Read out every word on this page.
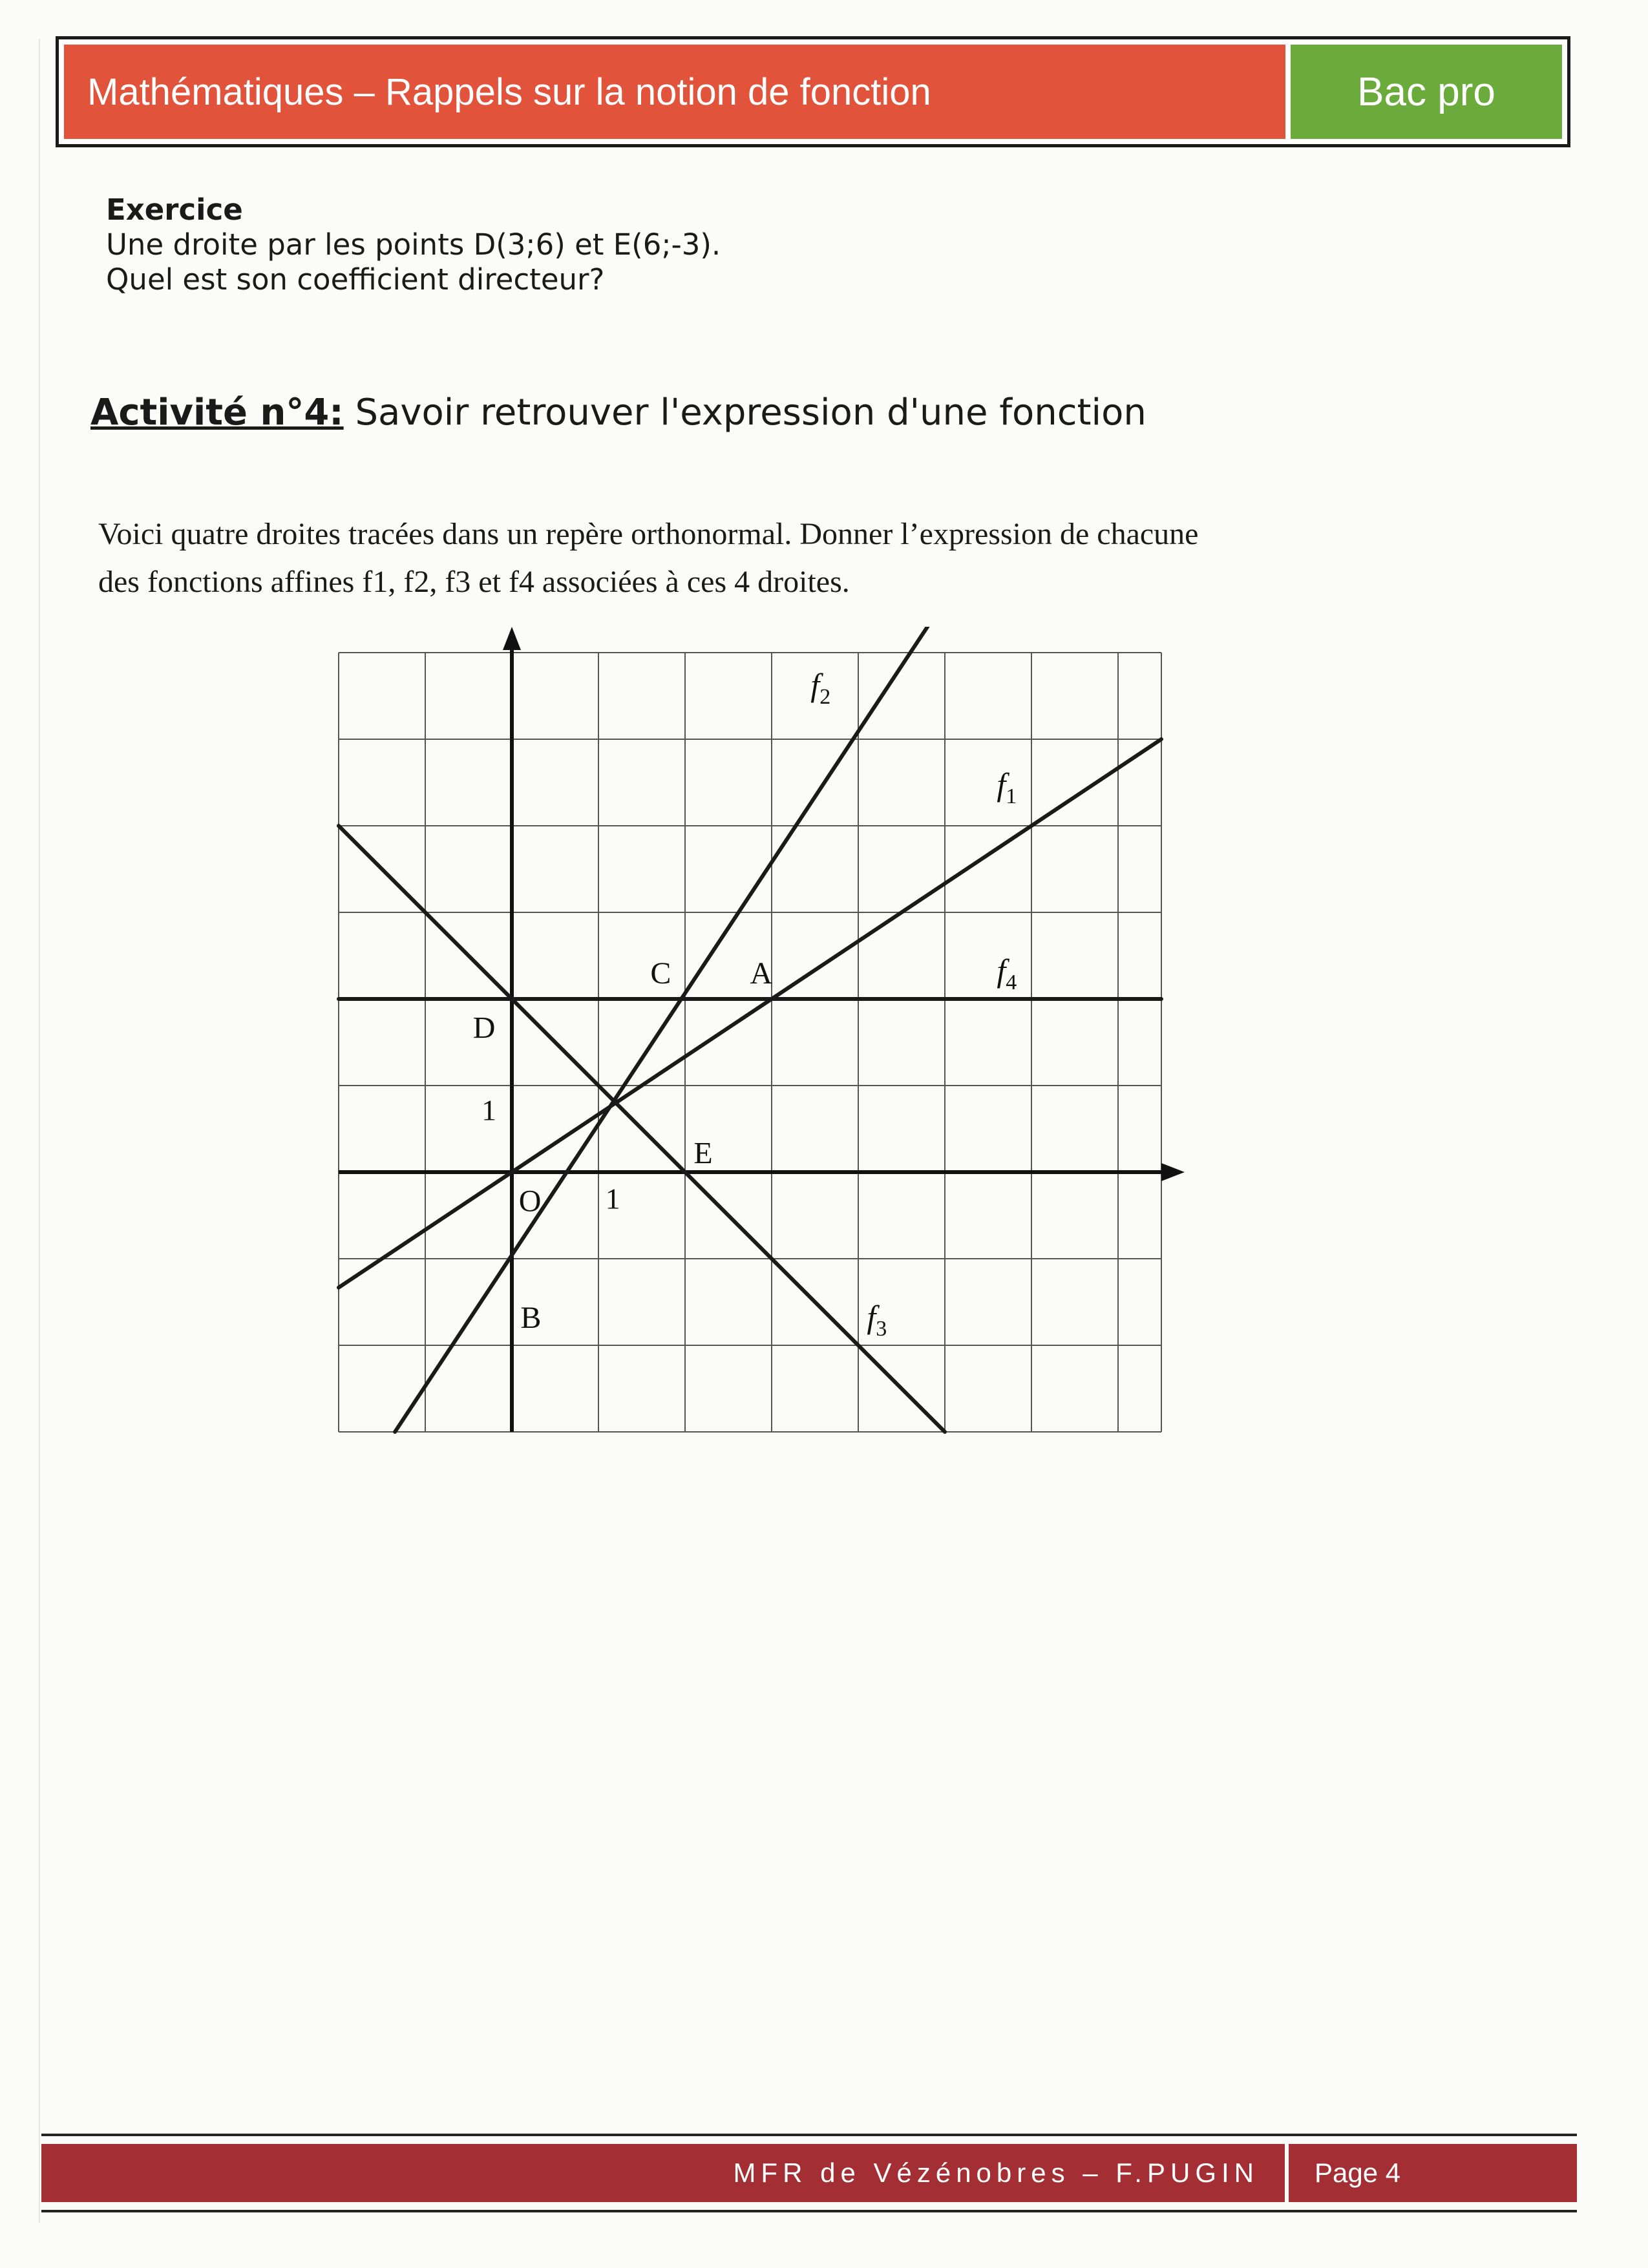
Mathématiques – Rappels sur la notion de fonction	Bac pro
Exercice
Une droite par les points D(3;6) et E(6;-3).
Quel est son coefficient directeur?
Activité n°4: Savoir retrouver l'expression d'une fonction
Voici quatre droites tracées dans un repère orthonormal. Donner l’expression de chacune
des fonctions affines f1, f2, f3 et f4 associées à ces 4 droites.
$f_1$
$f_2$
$f_3$
$f_4$
A
B
C
D
E
O 1
1
MFR de Vézénobres – F.PUGIN Page 4
